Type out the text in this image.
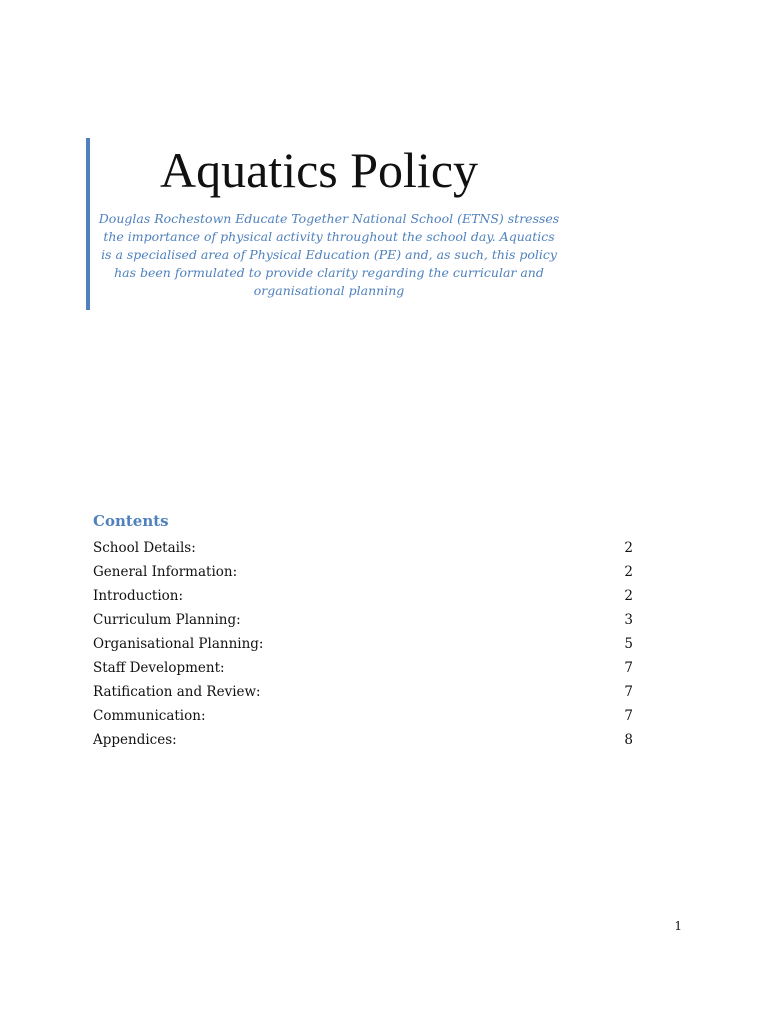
Aquatics Policy

Douglas Rochestown Educate Together National School (ETNS) stresses the importance of physical activity throughout the school day. Aquatics is a specialised area of Physical Education (PE) and, as such, this policy has been formulated to provide clarity regarding the curricular and organisational planning

Contents
School Details:	2
General Information:	2
Introduction:	2
Curriculum Planning:	3
Organisational Planning:	5
Staff Development:	7
Ratification and Review:	7
Communication:	7
Appendices:	8
1
